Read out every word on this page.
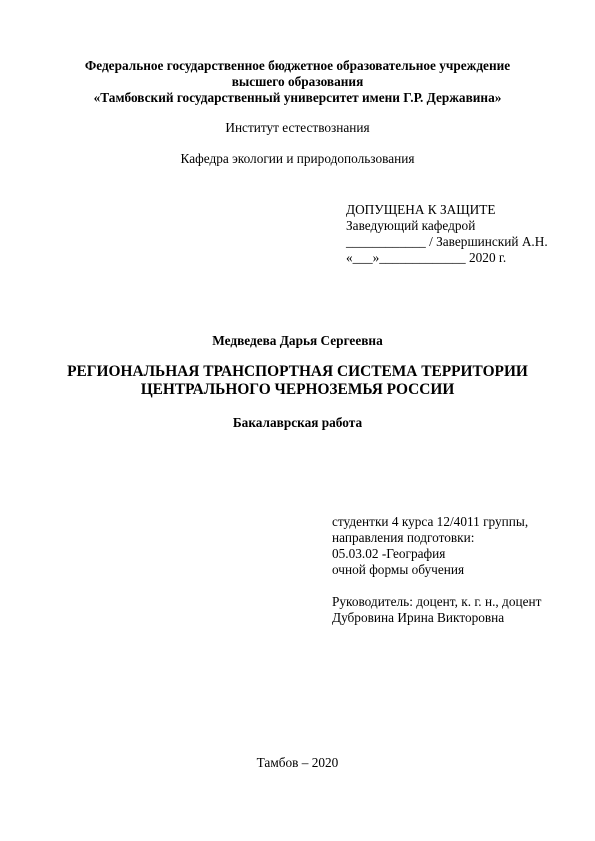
Федеральное государственное бюджетное образовательное учреждение
высшего образования
«Тамбовский государственный университет имени Г.Р. Державина»
Институт естествознания
Кафедра экологии и природопользования
ДОПУЩЕНА К ЗАЩИТЕ
Заведующий кафедрой
____________ / Завершинский А.Н.
«___»_____________ 2020 г.
Медведева Дарья Сергеевна
РЕГИОНАЛЬНАЯ ТРАНСПОРТНАЯ СИСТЕМА ТЕРРИТОРИИ
ЦЕНТРАЛЬНОГО ЧЕРНОЗЕМЬЯ РОССИИ
Бакалаврская работа
студентки 4 курса 12/4011 группы,
направления подготовки:
05.03.02 -География
очной формы обучения
Руководитель: доцент, к. г. н., доцент
Дубровина Ирина Викторовна
Тамбов – 2020
